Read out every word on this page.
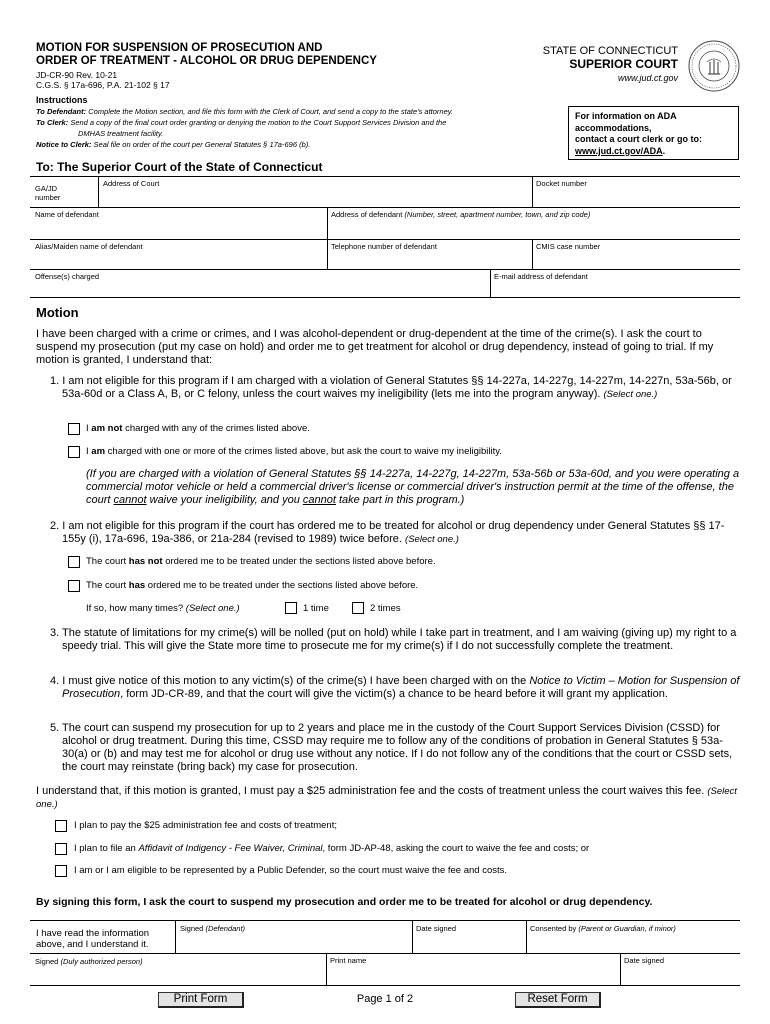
MOTION FOR SUSPENSION OF PROSECUTION AND
ORDER OF TREATMENT - ALCOHOL OR DRUG DEPENDENCY
JD-CR-90 Rev. 10-21
C.G.S. § 17a-696, P.A. 21-102 § 17
STATE OF CONNECTICUT
SUPERIOR COURT
www.jud.ct.gov
Instructions
To Defendant: Complete the Motion section, and file this form with the Clerk of Court, and send a copy to the state's attorney.
To Clerk: Send a copy of the final court order granting or denying the motion to the Court Support Services Division and the
DMHAS treatment facility.
Notice to Clerk: Seal file on order of the court per General Statutes § 17a-696 (b).
For information on ADA
accommodations,
contact a court clerk or go to:
www.jud.ct.gov/ADA.
To: The Superior Court of the State of Connecticut
GA/JD
number
Address of Court	Docket number
Name of defendant	Address of defendant (Number, street, apartment number, town, and zip code)
Alias/Maiden name of defendant	Telephone number of defendant	CMIS case number
Offense(s) charged	E-mail address of defendant
Motion
I have been charged with a crime or crimes, and I was alcohol-dependent or drug-dependent at the time of the crime(s). I ask the court to suspend my prosecution (put my case on hold) and order me to get treatment for alcohol or drug dependency, instead of going to trial. If my motion is granted, I understand that:
1. I am not eligible for this program if I am charged with a violation of General Statutes §§ 14-227a, 14-227g, 14-227m, 14-227n, 53a-56b, or 53a-60d or a Class A, B, or C felony, unless the court waives my ineligibility (lets me into the program anyway). (Select one.)
I am not charged with any of the crimes listed above.
I am charged with one or more of the crimes listed above, but ask the court to waive my ineligibility.
(If you are charged with a violation of General Statutes §§ 14-227a, 14-227g, 14-227m, 53a-56b or 53a-60d, and you were operating a commercial motor vehicle or held a commercial driver's license or commercial driver's instruction permit at the time of the offense, the court cannot waive your ineligibility, and you cannot take part in this program.)
2. I am not eligible for this program if the court has ordered me to be treated for alcohol or drug dependency under General Statutes §§ 17-155y (i), 17a-696, 19a-386, or 21a-284 (revised to 1989) twice before. (Select one.)
The court has not ordered me to be treated under the sections listed above before.
The court has ordered me to be treated under the sections listed above before.
If so, how many times? (Select one.)	1 time	2 times
3. The statute of limitations for my crime(s) will be nolled (put on hold) while I take part in treatment, and I am waiving (giving up) my right to a speedy trial. This will give the State more time to prosecute me for my crime(s) if I do not successfully complete the treatment.
4. I must give notice of this motion to any victim(s) of the crime(s) I have been charged with on the Notice to Victim – Motion for Suspension of Prosecution, form JD-CR-89, and that the court will give the victim(s) a chance to be heard before it will grant my application.
5. The court can suspend my prosecution for up to 2 years and place me in the custody of the Court Support Services Division (CSSD) for alcohol or drug treatment. During this time, CSSD may require me to follow any of the conditions of probation in General Statutes § 53a-30(a) or (b) and may test me for alcohol or drug use without any notice. If I do not follow any of the conditions that the court or CSSD sets, the court may reinstate (bring back) my case for prosecution.
I understand that, if this motion is granted, I must pay a $25 administration fee and the costs of treatment unless the court waives this fee. (Select one.)
I plan to pay the $25 administration fee and costs of treatment;
I plan to file an Affidavit of Indigency - Fee Waiver, Criminal, form JD-AP-48, asking the court to waive the fee and costs; or
I am or I am eligible to be represented by a Public Defender, so the court must waive the fee and costs.
By signing this form, I ask the court to suspend my prosecution and order me to be treated for alcohol or drug dependency.
I have read the information
above, and I understand it.
Signed (Defendant)	Date signed	Consented by (Parent or Guardian, if minor)
Signed (Duly authorized person)	Print name	Date signed
Print Form	Page 1 of 2	Reset Form
